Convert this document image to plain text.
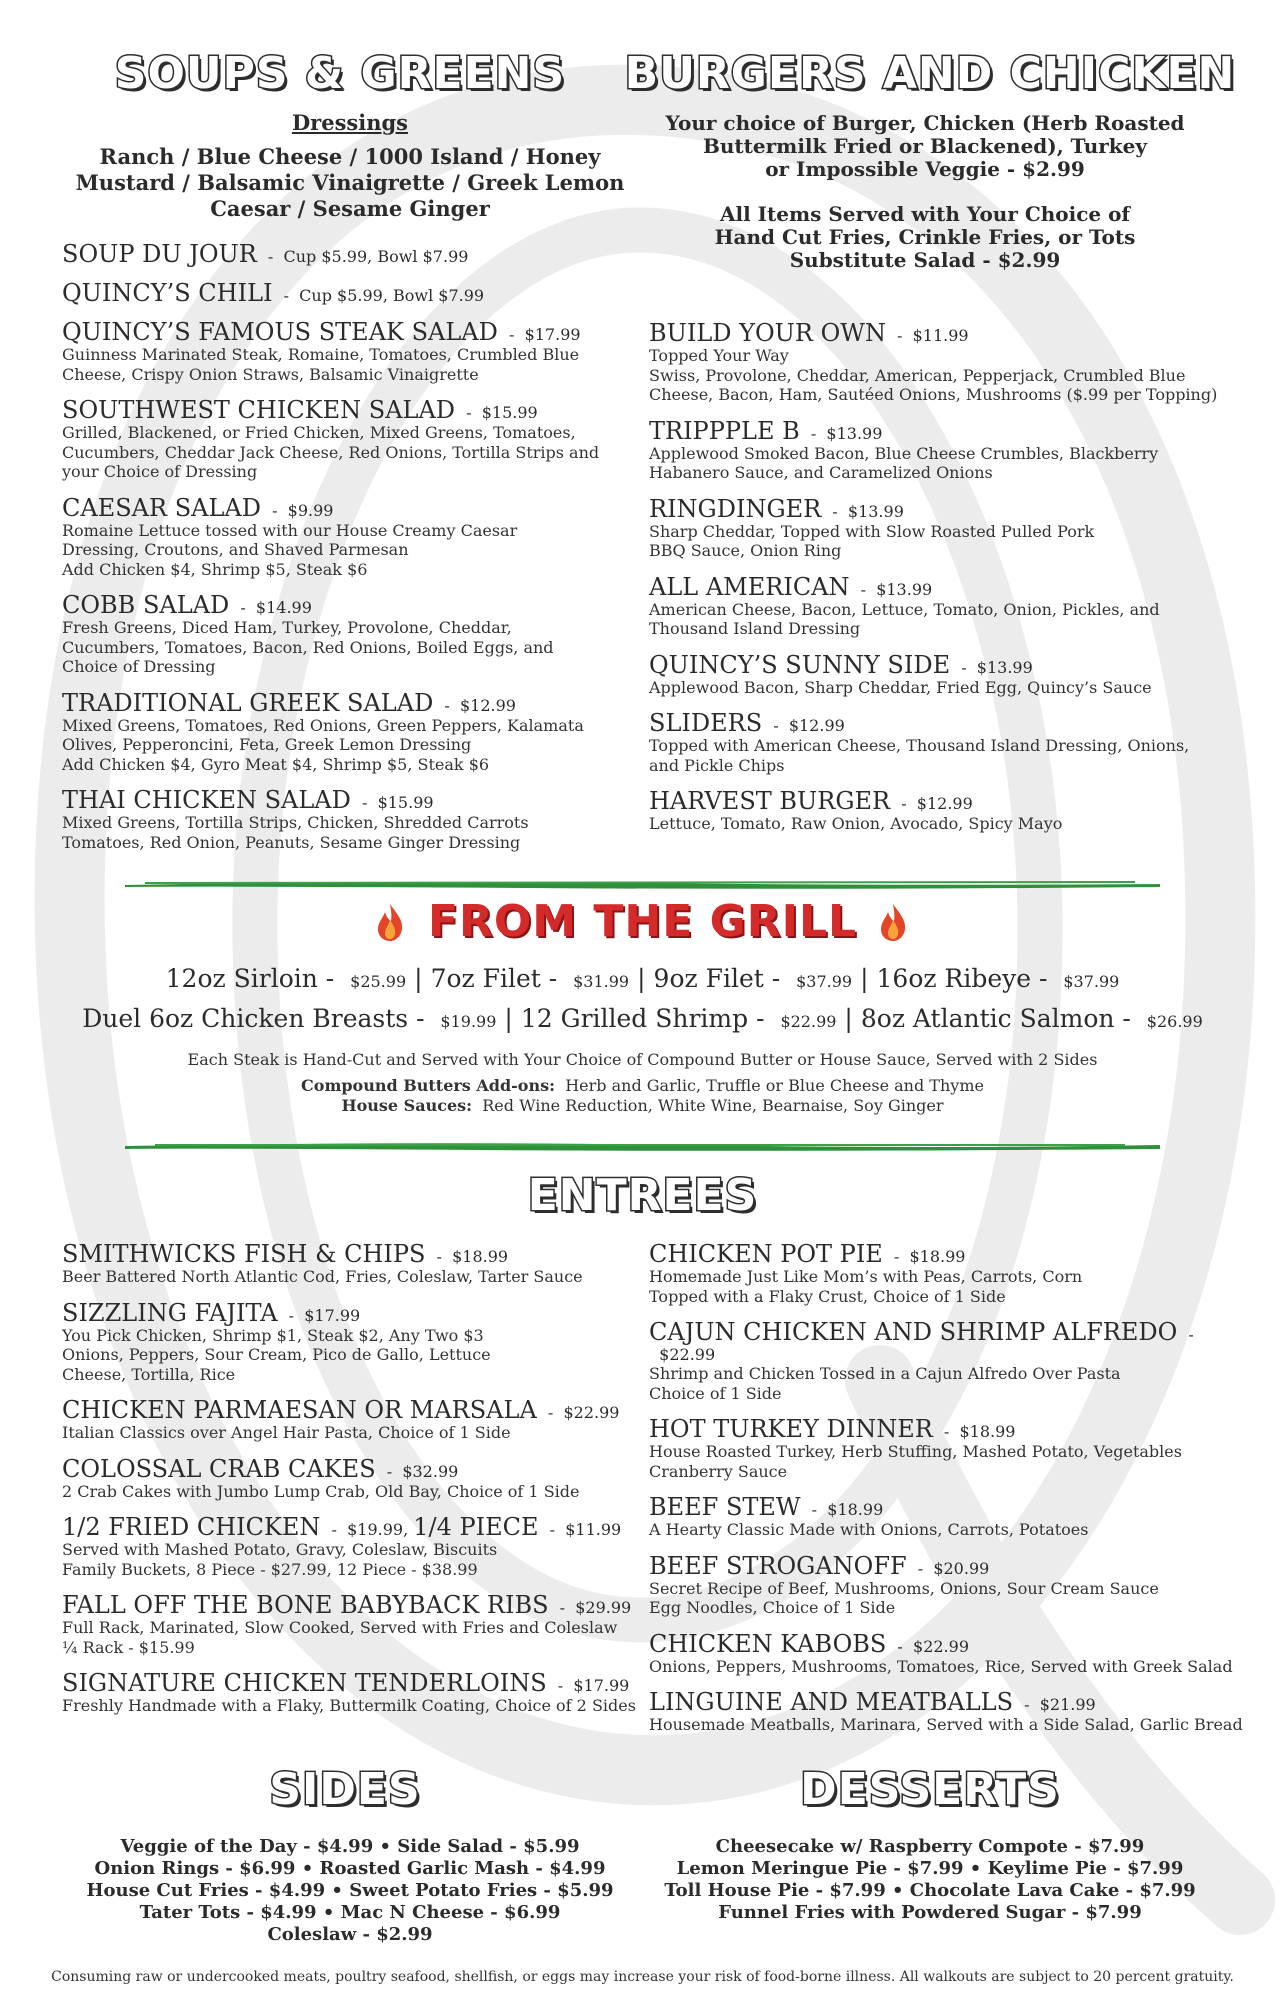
SOUPS & GREENS
Dressings
Ranch / Blue Cheese / 1000 Island / Honey
Mustard / Balsamic Vinaigrette / Greek Lemon
Caesar / Sesame Ginger
SOUP DU JOUR -  Cup $5.99, Bowl $7.99
QUINCY’S CHILI -  Cup $5.99, Bowl $7.99
QUINCY’S FAMOUS STEAK SALAD -  $17.99
Guinness Marinated Steak, Romaine, Tomatoes, Crumbled Blue
Cheese, Crispy Onion Straws, Balsamic Vinaigrette
SOUTHWEST CHICKEN SALAD -  $15.99
Grilled, Blackened, or Fried Chicken, Mixed Greens, Tomatoes,
Cucumbers, Cheddar Jack Cheese, Red Onions, Tortilla Strips and
your Choice of Dressing
CAESAR SALAD -  $9.99
Romaine Lettuce tossed with our House Creamy Caesar
Dressing, Croutons, and Shaved Parmesan
Add Chicken $4, Shrimp $5, Steak $6
COBB SALAD -  $14.99
Fresh Greens, Diced Ham, Turkey, Provolone, Cheddar,
Cucumbers, Tomatoes, Bacon, Red Onions, Boiled Eggs, and
Choice of Dressing
TRADITIONAL GREEK SALAD -  $12.99
Mixed Greens, Tomatoes, Red Onions, Green Peppers, Kalamata
Olives, Pepperoncini, Feta, Greek Lemon Dressing
Add Chicken $4, Gyro Meat $4, Shrimp $5, Steak $6
THAI CHICKEN SALAD -  $15.99
Mixed Greens, Tortilla Strips, Chicken, Shredded Carrots
Tomatoes, Red Onion, Peanuts, Sesame Ginger Dressing
BURGERS AND CHICKEN
Your choice of Burger, Chicken (Herb Roasted
Buttermilk Fried or Blackened), Turkey
or Impossible Veggie - $2.99
All Items Served with Your Choice of
Hand Cut Fries, Crinkle Fries, or Tots
Substitute Salad - $2.99
BUILD YOUR OWN -  $11.99
Topped Your Way
Swiss, Provolone, Cheddar, American, Pepperjack, Crumbled Blue
Cheese, Bacon, Ham, Sautéed Onions, Mushrooms ($.99 per Topping)
TRIPPPLE B -  $13.99
Applewood Smoked Bacon, Blue Cheese Crumbles, Blackberry
Habanero Sauce, and Caramelized Onions
RINGDINGER -  $13.99
Sharp Cheddar, Topped with Slow Roasted Pulled Pork
BBQ Sauce, Onion Ring
ALL AMERICAN -  $13.99
American Cheese, Bacon, Lettuce, Tomato, Onion, Pickles, and
Thousand Island Dressing
QUINCY’S SUNNY SIDE -  $13.99
Applewood Bacon, Sharp Cheddar, Fried Egg, Quincy’s Sauce
SLIDERS -  $12.99
Topped with American Cheese, Thousand Island Dressing, Onions,
and Pickle Chips
HARVEST BURGER -  $12.99
Lettuce, Tomato, Raw Onion, Avocado, Spicy Mayo
FROM THE GRILL
12oz Sirloin -  $25.99 | 7oz Filet -  $31.99 | 9oz Filet -  $37.99 | 16oz Ribeye -  $37.99
Duel 6oz Chicken Breasts -  $19.99 | 12 Grilled Shrimp -  $22.99 | 8oz Atlantic Salmon -  $26.99
Each Steak is Hand-Cut and Served with Your Choice of Compound Butter or House Sauce, Served with 2 Sides
Compound Butters Add-ons: Herb and Garlic, Truffle or Blue Cheese and Thyme
House Sauces: Red Wine Reduction, White Wine, Bearnaise, Soy Ginger
ENTREES
SMITHWICKS FISH & CHIPS -  $18.99
Beer Battered North Atlantic Cod, Fries, Coleslaw, Tarter Sauce
SIZZLING FAJITA -  $17.99
You Pick Chicken, Shrimp $1, Steak $2, Any Two $3
Onions, Peppers, Sour Cream, Pico de Gallo, Lettuce
Cheese, Tortilla, Rice
CHICKEN PARMAESAN OR MARSALA -  $22.99
Italian Classics over Angel Hair Pasta, Choice of 1 Side
COLOSSAL CRAB CAKES -  $32.99
2 Crab Cakes with Jumbo Lump Crab, Old Bay, Choice of 1 Side
1/2 FRIED CHICKEN -  $19.99, 1/4 PIECE -  $11.99
Served with Mashed Potato, Gravy, Coleslaw, Biscuits
Family Buckets, 8 Piece - $27.99, 12 Piece - $38.99
FALL OFF THE BONE BABYBACK RIBS -  $29.99
Full Rack, Marinated, Slow Cooked, Served with Fries and Coleslaw
¼ Rack - $15.99
SIGNATURE CHICKEN TENDERLOINS -  $17.99
Freshly Handmade with a Flaky, Buttermilk Coating, Choice of 2 Sides
CHICKEN POT PIE -  $18.99
Homemade Just Like Mom’s with Peas, Carrots, Corn
Topped with a Flaky Crust, Choice of 1 Side
CAJUN CHICKEN AND SHRIMP ALFREDO -  $22.99
Shrimp and Chicken Tossed in a Cajun Alfredo Over Pasta
Choice of 1 Side
HOT TURKEY DINNER -  $18.99
House Roasted Turkey, Herb Stuffing, Mashed Potato, Vegetables
Cranberry Sauce
BEEF STEW -  $18.99
A Hearty Classic Made with Onions, Carrots, Potatoes
BEEF STROGANOFF -  $20.99
Secret Recipe of Beef, Mushrooms, Onions, Sour Cream Sauce
Egg Noodles, Choice of 1 Side
CHICKEN KABOBS -  $22.99
Onions, Peppers, Mushrooms, Tomatoes, Rice, Served with Greek Salad
LINGUINE AND MEATBALLS -  $21.99
Housemade Meatballs, Marinara, Served with a Side Salad, Garlic Bread
SIDES
Veggie of the Day - $4.99 • Side Salad - $5.99
Onion Rings - $6.99 • Roasted Garlic Mash - $4.99
House Cut Fries - $4.99 • Sweet Potato Fries - $5.99
Tater Tots - $4.99 • Mac N Cheese - $6.99
Coleslaw - $2.99
DESSERTS
Cheesecake w/ Raspberry Compote - $7.99
Lemon Meringue Pie - $7.99 • Keylime Pie - $7.99
Toll House Pie - $7.99 • Chocolate Lava Cake - $7.99
Funnel Fries with Powdered Sugar - $7.99
Consuming raw or undercooked meats, poultry seafood, shellfish, or eggs may increase your risk of food-borne illness. All walkouts are subject to 20 percent gratuity.
